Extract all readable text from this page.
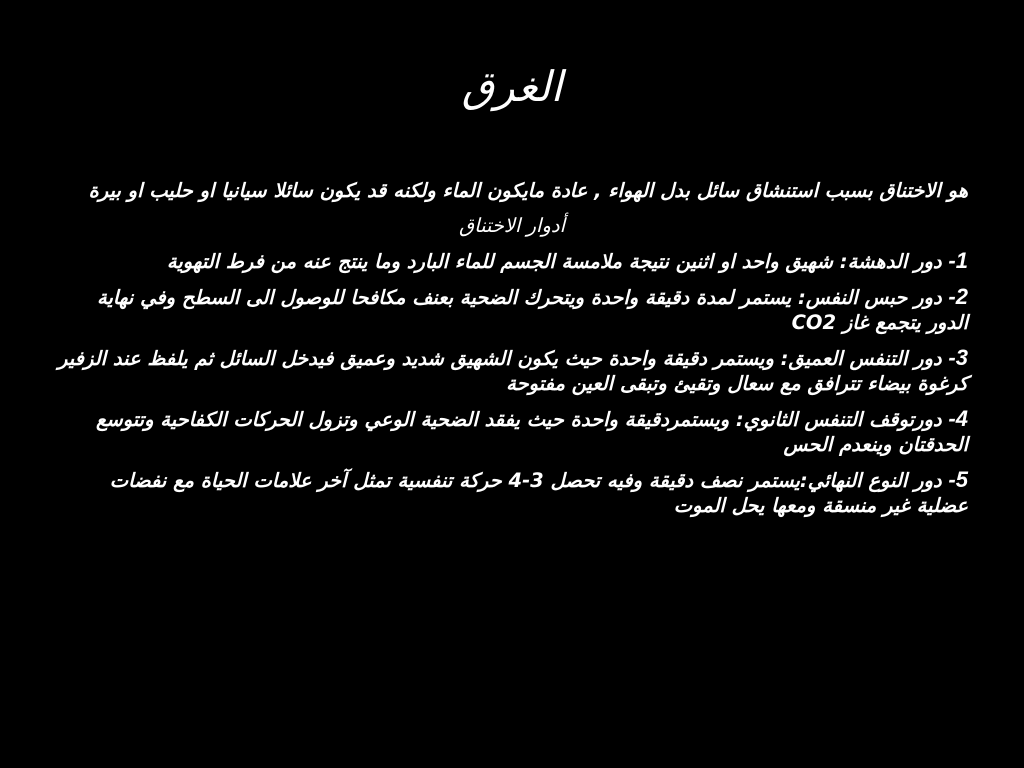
الغرق

هو الاختناق بسبب استنشاق سائل بدل الهواء , عادة مايكون الماء ولكنه قد يكون سائلا سيانيا او حليب او بيرة

أدوار الاختناق

1- دور الدهشة: شهيق واحد او اثنين نتيجة ملامسة الجسم للماء البارد وما ينتج عنه من فرط التهوية

2- دور حبس النفس: يستمر لمدة دقيقة واحدة ويتحرك الضحية بعنف مكافحا للوصول الى السطح وفي نهاية الدور يتجمع غاز CO2

3- دور التنفس العميق: ويستمر دقيقة واحدة حيث يكون الشهيق شديد وعميق فيدخل السائل ثم يلفظ عند الزفير كرغوة بيضاء تترافق مع سعال وتقيئ وتبقى العين مفتوحة

4- دورتوقف التنفس الثانوي: ويستمردقيقة واحدة حيث يفقد الضحية الوعي وتزول الحركات الكفاحية وتتوسع الحدقتان وينعدم الحس

5- دور النوع النهائي:يستمر نصف دقيقة وفيه تحصل 3-4 حركة تنفسية تمثل آخر علامات الحياة مع نفضات عضلية غير منسقة ومعها يحل الموت
